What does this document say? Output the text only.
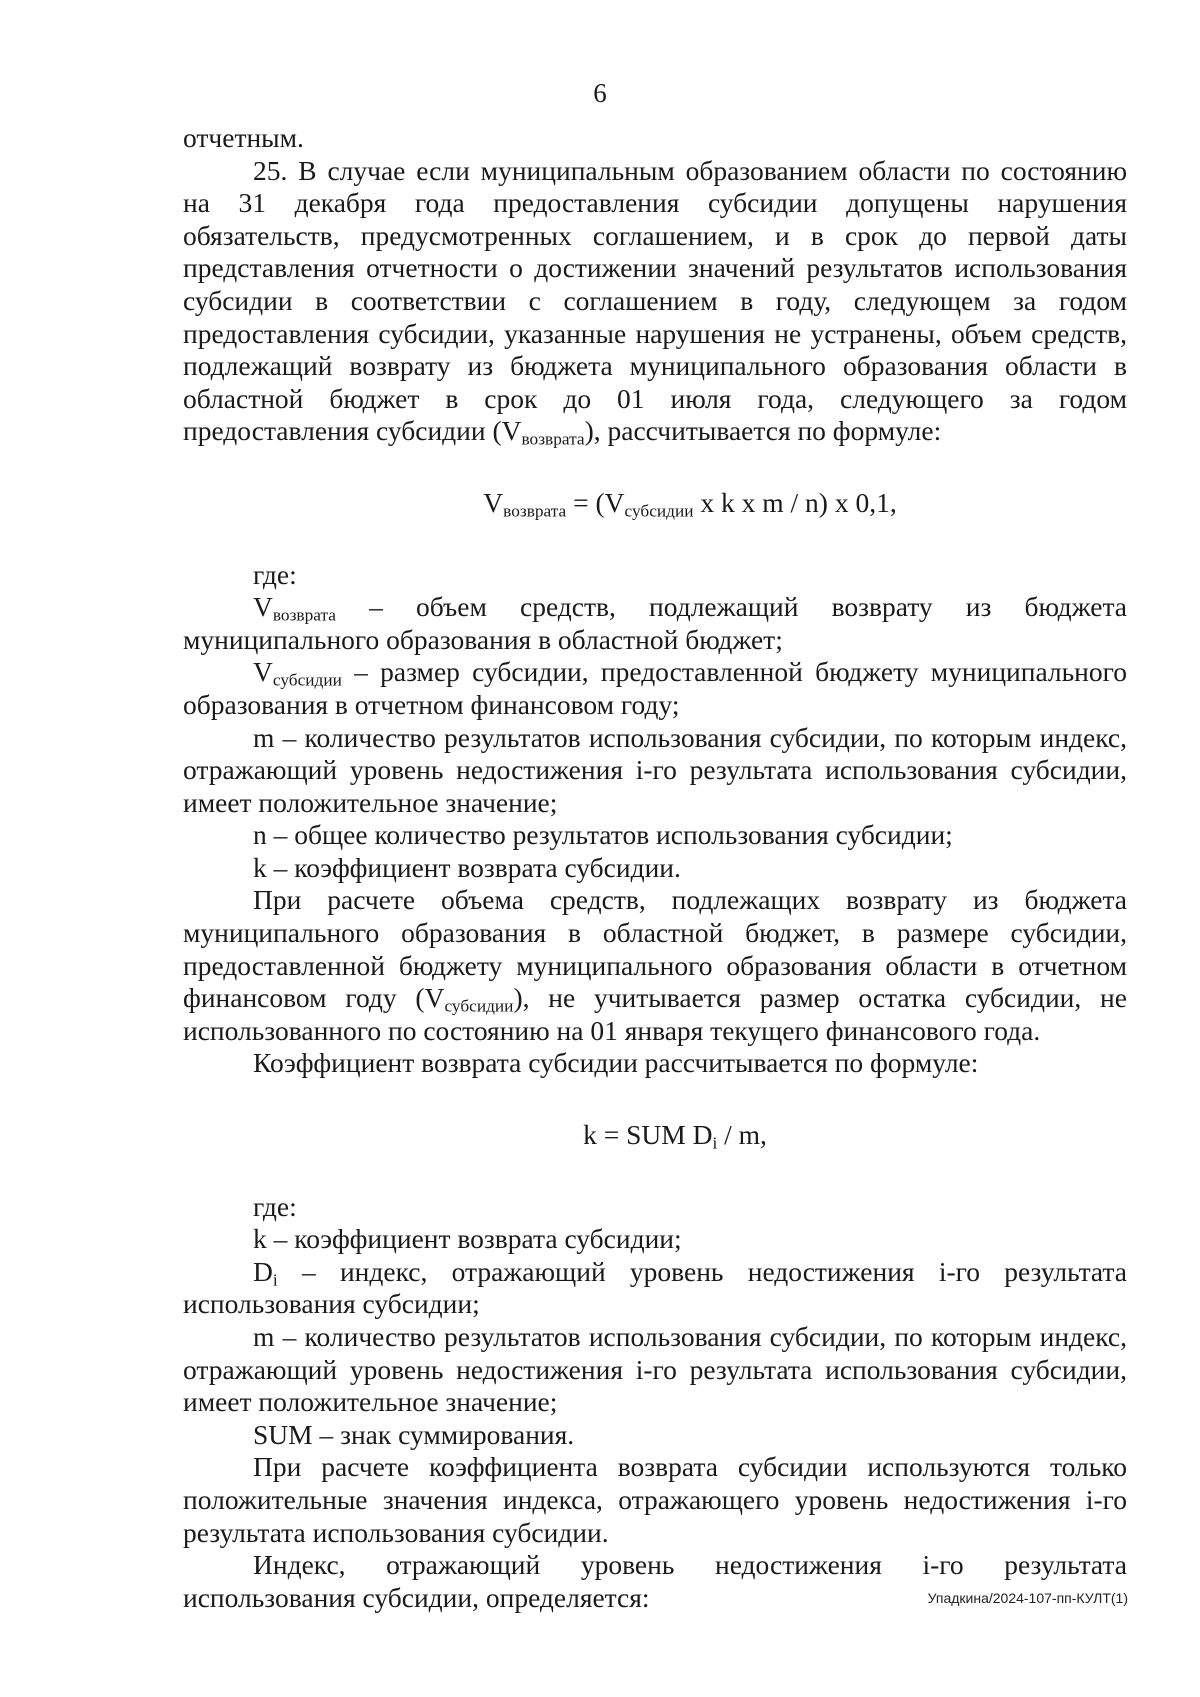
6

отчетным.

25. В случае если муниципальным образованием области по состоянию на 31 декабря года предоставления субсидии допущены нарушения обязательств, предусмотренных соглашением, и в срок до первой даты представления отчетности о достижении значений результатов использования субсидии в соответствии с соглашением в году, следующем за годом предоставления субсидии, указанные нарушения не устранены, объем средств, подлежащий возврату из бюджета муниципального образования области в областной бюджет в срок до 01 июля года, следующего за годом предоставления субсидии $(V_{возврата})$, рассчитывается по формуле:

$V_{возврата} = (V_{субсидии}$ x k x m / n) x 0,1,

где:

$V_{возврата}$ – объем средств, подлежащий возврату из бюджета муниципального образования в областной бюджет;

$V_{субсидии}$ – размер субсидии, предоставленной бюджету муниципального образования в отчетном финансовом году;

m – количество результатов использования субсидии, по которым индекс, отражающий уровень недостижения i-го результата использования субсидии, имеет положительное значение;

n – общее количество результатов использования субсидии;

k – коэффициент возврата субсидии.

При расчете объема средств, подлежащих возврату из бюджета муниципального образования в областной бюджет, в размере субсидии, предоставленной бюджету муниципального образования области в отчетном финансовом году $(V_{субсидии})$, не учитывается размер остатка субсидии, не использованного по состоянию на 01 января текущего финансового года.

Коэффициент возврата субсидии рассчитывается по формуле:

k = SUM $D_i$ / m,

где:

k – коэффициент возврата субсидии;

$D_i$ – индекс, отражающий уровень недостижения i-го результата использования субсидии;

m – количество результатов использования субсидии, по которым индекс, отражающий уровень недостижения i-го результата использования субсидии, имеет положительное значение;

SUM – знак суммирования.

При расчете коэффициента возврата субсидии используются только положительные значения индекса, отражающего уровень недостижения i-го результата использования субсидии.

Индекс, отражающий уровень недостижения i-го результата использования субсидии, определяется:	Упадкина/2024-107-пп-КУЛТ(1)
